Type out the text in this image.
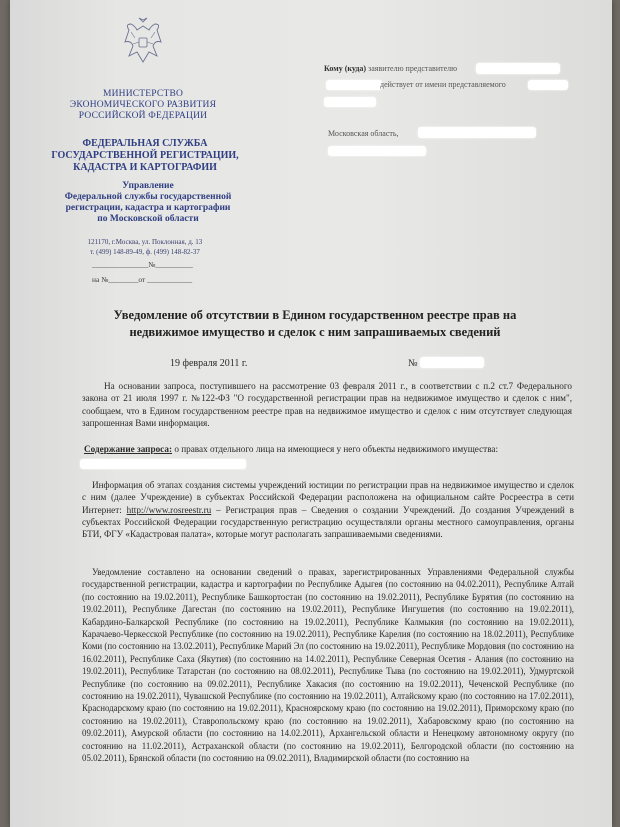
МИНИСТЕРСТВО
ЭКОНОМИЧЕСКОГО РАЗВИТИЯ
РОССИЙСКОЙ ФЕДЕРАЦИИ
ФЕДЕРАЛЬНАЯ СЛУЖБА
ГОСУДАРСТВЕННОЙ РЕГИСТРАЦИИ,
КАДАСТРА И КАРТОГРАФИИ
Управление
Федеральной службы государственной
регистрации, кадастра и картографии
по Московской области
121170, г.Москва, ул. Поклонная, д. 13
т. (499) 148-89-49, ф. (499) 148-82-37
_______________№__________
на №________от ____________
Кому (куда) заявителю представителю
действует от имени представляемого
Московская область,
Уведомление об отсутствии в Едином государственном реестре прав на
недвижимое имущество и сделок с ним запрашиваемых сведений
19 февраля 2011 г.	№
На основании запроса, поступившего на рассмотрение 03 февраля 2011 г., в соответствии с п.2 ст.7 Федерального закона от 21 июля 1997 г. №122-ФЗ "О государственной регистрации прав на недвижимое имущество и сделок с ним", сообщаем, что в Едином государственном реестре прав на недвижимое имущество и сделок с ним отсутствует следующая запрошенная Вами информация.
Содержание запроса: о правах отдельного лица на имеющиеся у него объекты недвижимого имущества:
Информация об этапах создания системы учреждений юстиции по регистрации прав на недвижимое имущество и сделок с ним (далее Учреждение) в субъектах Российской Федерации расположена на официальном сайте Росреестра в сети Интернет: http://www.rosreestr.ru – Регистрация прав – Сведения о создании Учреждений. До создания Учреждений в субъектах Российской Федерации государственную регистрацию осуществляли органы местного самоуправления, органы БТИ, ФГУ «Кадастровая палата», которые могут располагать запрашиваемыми сведениями.
Уведомление составлено на основании сведений о правах, зарегистрированных Управлениями Федеральной службы государственной регистрации, кадастра и картографии по Республике Адыгея (по состоянию на 04.02.2011), Республике Алтай (по состоянию на 19.02.2011), Республике Башкортостан (по состоянию на 19.02.2011), Республике Бурятия (по состоянию на 19.02.2011), Республике Дагестан (по состоянию на 19.02.2011), Республике Ингушетия (по состоянию на 19.02.2011), Кабардино-Балкарской Республике (по состоянию на 19.02.2011), Республике Калмыкия (по состоянию на 19.02.2011), Карачаево-Черкесской Республике (по состоянию на 19.02.2011), Республике Карелия (по состоянию на 18.02.2011), Республике Коми (по состоянию на 13.02.2011), Республике Марий Эл (по состоянию на 19.02.2011), Республике Мордовия (по состоянию на 16.02.2011), Республике Саха (Якутия) (по состоянию на 14.02.2011), Республике Северная Осетия - Алания (по состоянию на 19.02.2011), Республике Татарстан (по состоянию на 08.02.2011), Республике Тыва (по состоянию на 19.02.2011), Удмуртской Республике (по состоянию на 09.02.2011), Республике Хакасия (по состоянию на 19.02.2011), Чеченской Республике (по состоянию на 19.02.2011), Чувашской Республике (по состоянию на 19.02.2011), Алтайскому краю (по состоянию на 17.02.2011), Краснодарскому краю (по состоянию на 19.02.2011), Красноярскому краю (по состоянию на 19.02.2011), Приморскому краю (по состоянию на 19.02.2011), Ставропольскому краю (по состоянию на 19.02.2011), Хабаровскому краю (по состоянию на 09.02.2011), Амурской области (по состоянию на 14.02.2011), Архангельской области и Ненецкому автономному округу (по состоянию на 11.02.2011), Астраханской области (по состоянию на 19.02.2011), Белгородской области (по состоянию на 05.02.2011), Брянской области (по состоянию на 09.02.2011), Владимирской области (по состоянию на
